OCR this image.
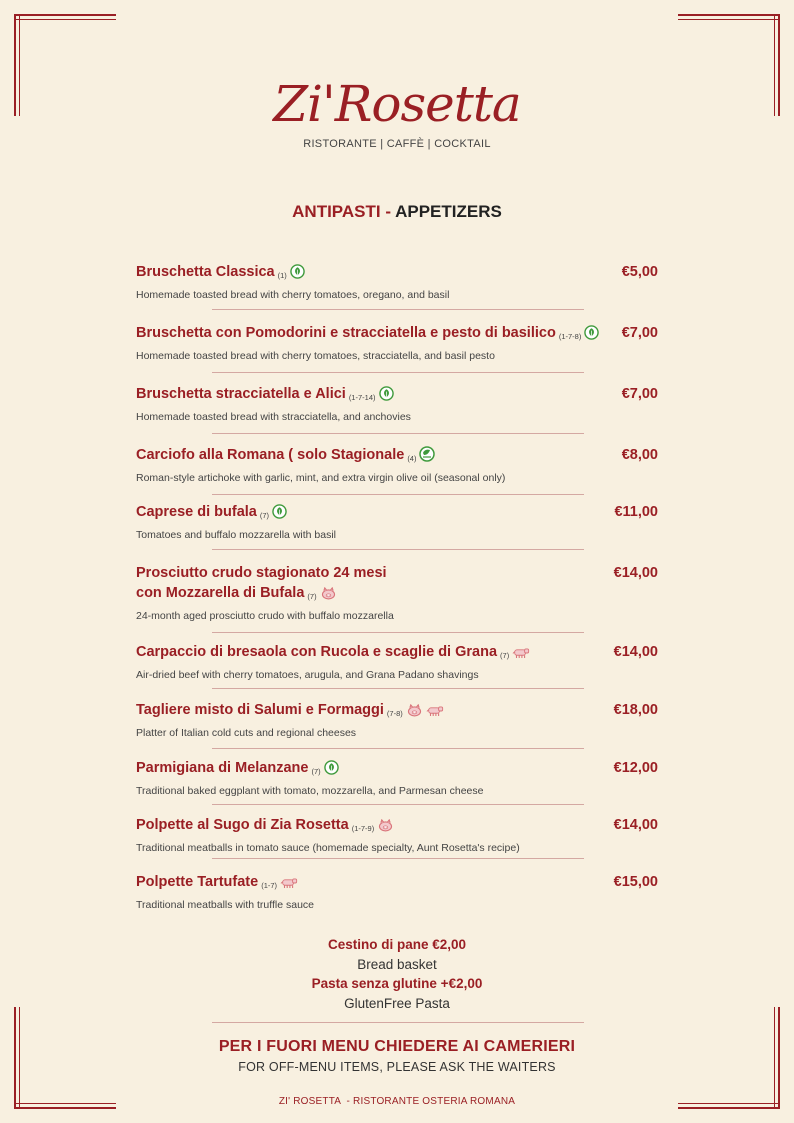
Zi'Rosetta
RISTORANTE | CAFFÈ | COCKTAIL
ANTIPASTI - APPETIZERS
Bruschetta Classica (1)	€5,00
Homemade toasted bread with cherry tomatoes, oregano, and basil
Bruschetta con Pomodorini e stracciatella e pesto di basilico (1-7-8)	€7,00
Homemade toasted bread with cherry tomatoes, stracciatella, and basil pesto
Bruschetta stracciatella e Alici (1-7-14)	€7,00
Homemade toasted bread with stracciatella, and anchovies
Carciofo alla Romana ( solo Stagionale (4)	€8,00
Roman-style artichoke with garlic, mint, and extra virgin olive oil (seasonal only)
Caprese di bufala (7)	€11,00
Tomatoes and buffalo mozzarella with basil
Prosciutto crudo stagionato 24 mesi
con Mozzarella di Bufala (7)
€14,00
24-month aged prosciutto crudo with buffalo mozzarella
Carpaccio di bresaola con Rucola e scaglie di Grana (7)	€14,00
Air-dried beef with cherry tomatoes, arugula, and Grana Padano shavings
Tagliere misto di Salumi e Formaggi (7-8)	€18,00
Platter of Italian cold cuts and regional cheeses
Parmigiana di Melanzane (7)	€12,00
Traditional baked eggplant with tomato, mozzarella, and Parmesan cheese
Polpette al Sugo di Zia Rosetta (1-7-9)	€14,00
Traditional meatballs in tomato sauce (homemade specialty, Aunt Rosetta's recipe)
Polpette Tartufate (1-7)	€15,00
Traditional meatballs with truffle sauce
Cestino di pane €2,00
Bread basket
Pasta senza glutine +€2,00
GlutenFree Pasta
PER I FUORI MENU CHIEDERE AI CAMERIERI
FOR OFF-MENU ITEMS, PLEASE ASK THE WAITERS
ZI' ROSETTA  - RISTORANTE OSTERIA ROMANA
